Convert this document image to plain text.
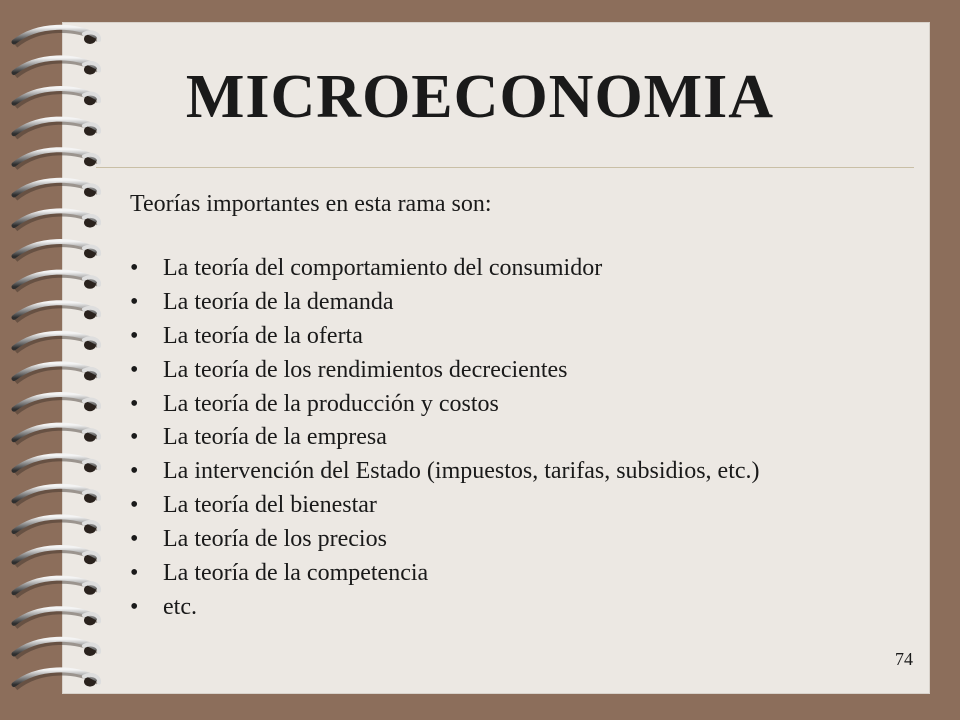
MICROECONOMIA
Teorías importantes en esta rama son:
• La teoría del comportamiento del consumidor
• La teoría de la demanda
• La teoría de la oferta
• La teoría de los rendimientos decrecientes
• La teoría de la producción y costos
• La teoría de la empresa
• La intervención del Estado (impuestos, tarifas, subsidios, etc.)
• La teoría del bienestar
• La teoría de los precios
• La teoría de la competencia
• etc.
74
